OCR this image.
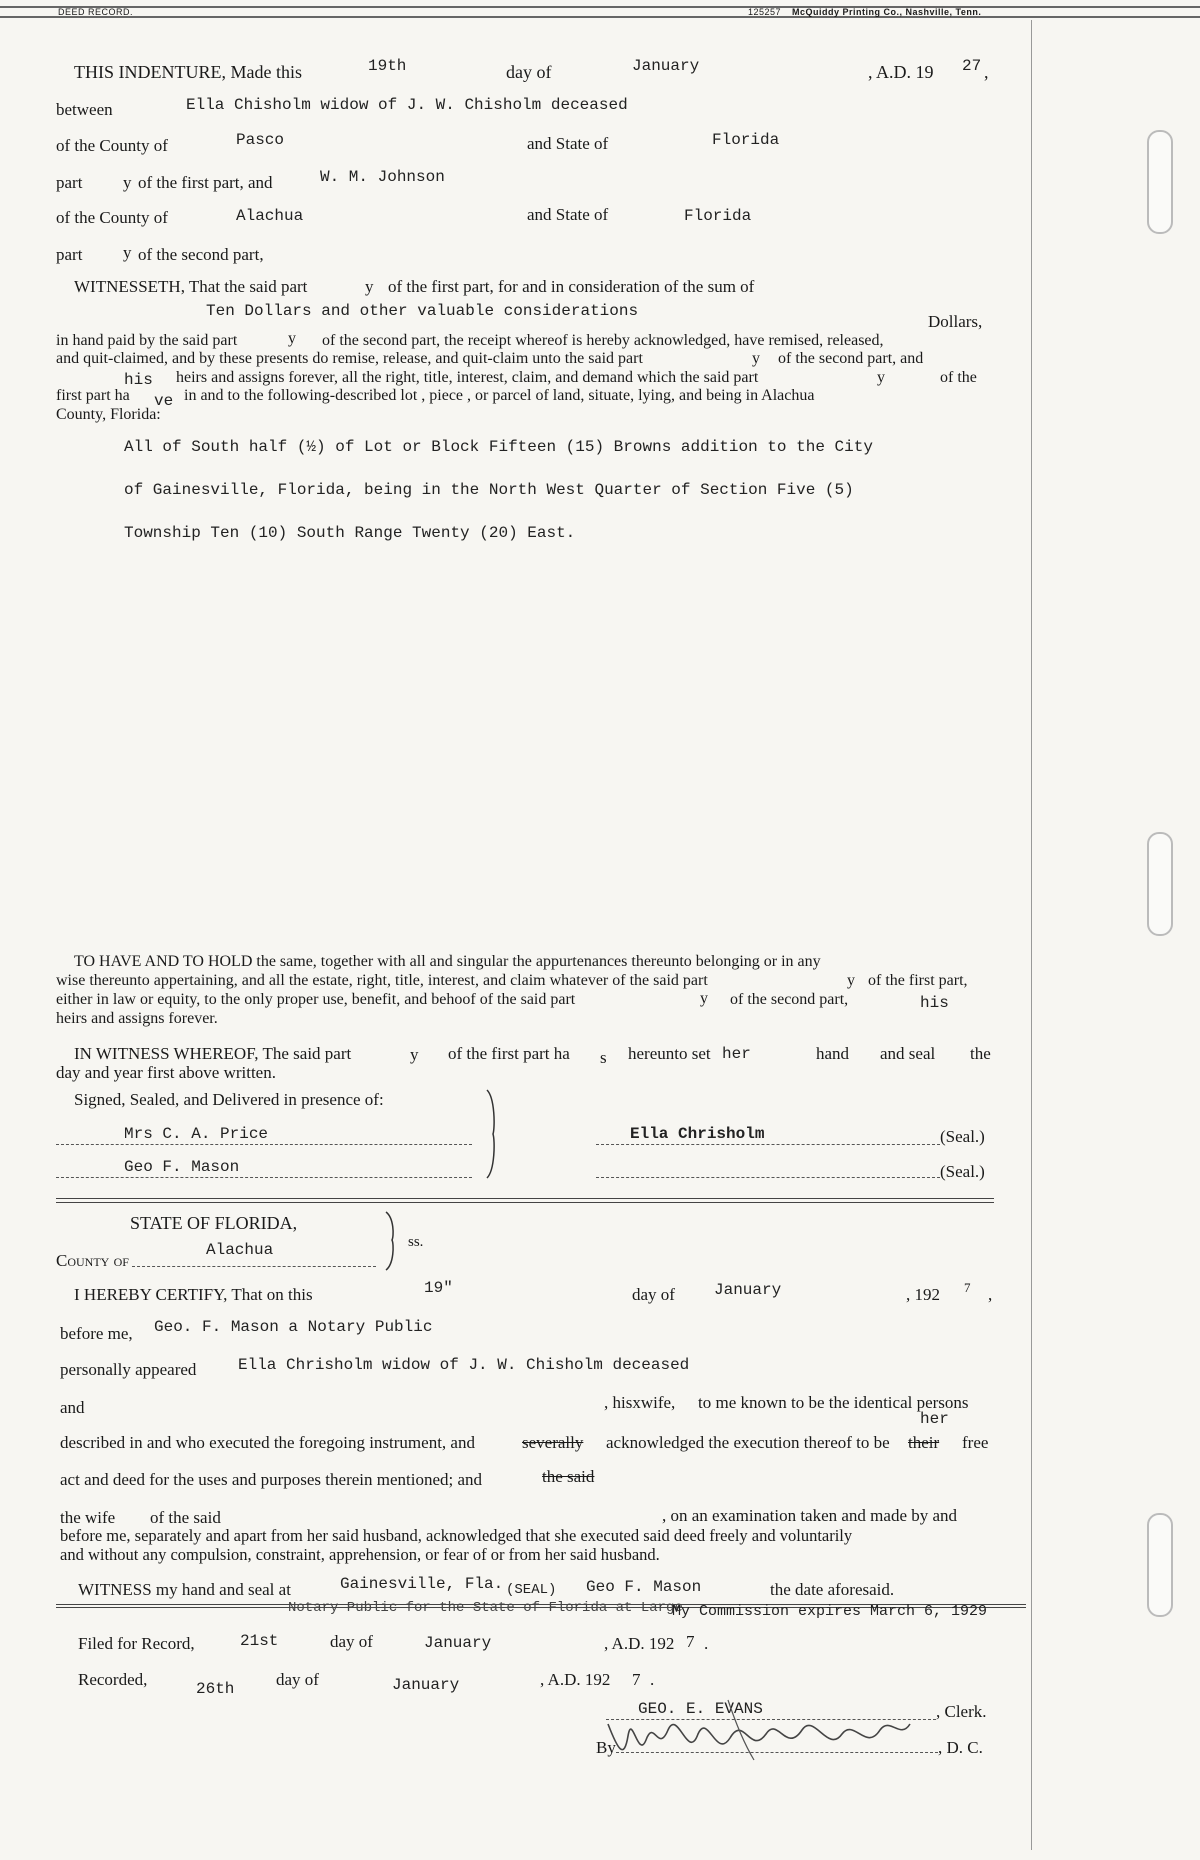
DEED RECORD.	125257 McQuiddy Printing Co., Nashville, Tenn.
THIS INDENTURE, Made this	19th	day of	January	, A.D. 19 27 ,
between	Ella Chisholm widow of J. W. Chisholm deceased
of the County of	Pasco	and State of	Florida
part y of the first part, and	W. M. Johnson
of the County of	Alachua	and State of	Florida
part y of the second part,
WITNESSETH, That the said part	y of the first part, for and in consideration of the sum of
Ten Dollars and other valuable considerations
Dollars,
in hand paid by the said part	y of the second part, the receipt whereof is hereby acknowledged, have remised, released,
and quit-claimed, and by these presents do remise, release, and quit-claim unto the said part	y of the second part, and
his heirs and assigns forever, all the right, title, interest, claim, and demand which the said part	y	of the
first part ha ve in and to the following-described lot , piece , or parcel of land, situate, lying, and being in Alachua
County, Florida:
All of South half (½) of Lot or Block Fifteen (15) Browns addition to the City
of Gainesville, Florida, being in the North West Quarter of Section Five (5)
Township Ten (10) South Range Twenty (20) East.
TO HAVE AND TO HOLD the same, together with all and singular the appurtenances thereunto belonging or in any
wise thereunto appertaining, and all the estate, right, title, interest, and claim whatever of the said part	y of the first part,
either in law or equity, to the only proper use, benefit, and behoof of the said part	y of the second part,	his
heirs and assigns forever.
IN WITNESS WHEREOF, The said part	y of the first part ha s hereunto set her	hand and seal the
day and year first above written.
Signed, Sealed, and Delivered in presence of:
Mrs C. A. Price
Geo F. Mason
Ella Chrisholm	(Seal.)
(Seal.)
STATE OF FLORIDA,
County of
Alachua	ss.
I HEREBY CERTIFY, That on this	19"	day of January	, 192 7 ,
before me, Geo. F. Mason a Notary Public
personally appeared	Ella Chrisholm widow of J. W. Chisholm deceased
and	, hisxwife, to me known to be the identical persons
her
described in and who executed the foregoing instrument, and	severally acknowledged the execution thereof to be their free
act and deed for the uses and purposes therein mentioned; and	the said
the wife of the said	, on an examination taken and made by and
before me, separately and apart from her said husband, acknowledged that she executed said deed freely and voluntarily
and without any compulsion, constraint, apprehension, or fear of or from her said husband.
WITNESS my hand and seal at	Gainesville, Fla. (SEAL) Geo F. Mason	the date aforesaid.
Notary Public for the State of Florida at Large
My Commission expires March 6, 1929
Filed for Record,	21st	day of	January	, A.D. 192 7 .
Recorded,	26th day of	January	, A.D. 192 7 .
GEO. E. EVANS	, Clerk.
By	, D. C.
